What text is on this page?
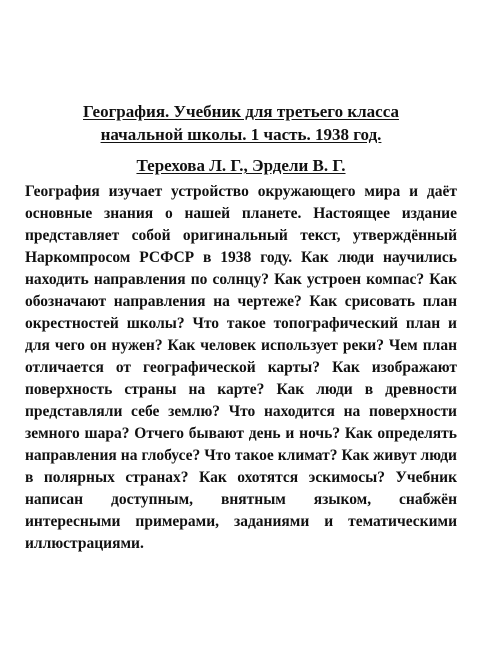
География. Учебник для третьего класса
начальной школы. 1 часть. 1938 год.
Терехова Л. Г., Эрдели В. Г.

География изучает устройство окружающего мира и даёт основные знания о нашей планете. Настоящее издание представляет собой оригинальный текст, утверждённый Наркомпросом РСФСР в 1938 году. Как люди научились находить направления по солнцу? Как устроен компас? Как обозначают направления на чертеже? Как срисовать план окрестностей школы? Что такое топографический план и для чего он нужен? Как человек использует реки? Чем план отличается от географической карты? Как изображают поверхность страны на карте? Как люди в древности представляли себе землю? Что находится на поверхности земного шара? Отчего бывают день и ночь? Как определять направления на глобусе? Что такое климат? Как живут люди в полярных странах? Как охотятся эскимосы? Учебник написан доступным, внятным языком, снабжён интересными примерами, заданиями и тематическими иллюстрациями.
